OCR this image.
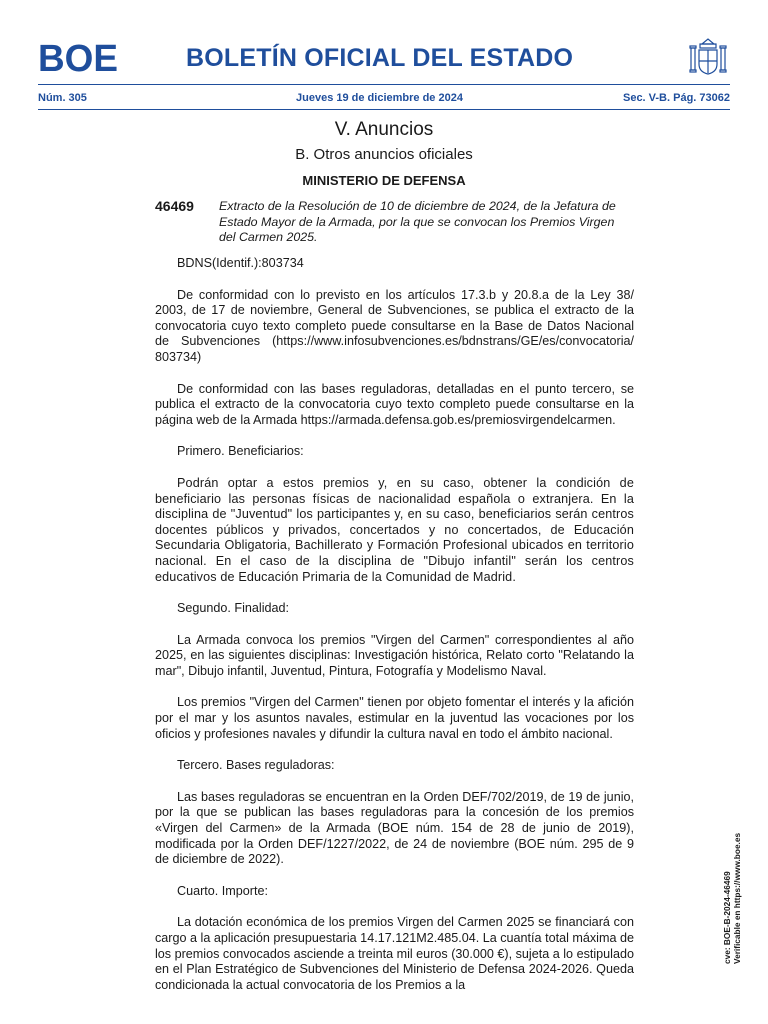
BOE	BOLETÍN OFICIAL DEL ESTADO
Núm. 305	Jueves 19 de diciembre de 2024	Sec. V-B. Pág. 73062
V. Anuncios
B. Otros anuncios oficiales
MINISTERIO DE DEFENSA
46469 Extracto de la Resolución de 10 de diciembre de 2024, de la Jefatura de Estado Mayor de la Armada, por la que se convocan los Premios Virgen del Carmen 2025.

BDNS(Identif.):803734

De conformidad con lo previsto en los artículos 17.3.b y 20.8.a de la Ley 38/ 2003, de 17 de noviembre, General de Subvenciones, se publica el extracto de la convocatoria cuyo texto completo puede consultarse en la Base de Datos Nacional de Subvenciones (https://www.infosubvenciones.es/bdnstrans/GE/es/convocatoria/ 803734)

De conformidad con las bases reguladoras, detalladas en el punto tercero, se publica el extracto de la convocatoria cuyo texto completo puede consultarse en la página web de la Armada https://armada.defensa.gob.es/premiosvirgendelcarmen.

Primero. Beneficiarios:

Podrán optar a estos premios y, en su caso, obtener la condición de beneficiario las personas físicas de nacionalidad española o extranjera. En la disciplina de "Juventud" los participantes y, en su caso, beneficiarios serán centros docentes públicos y privados, concertados y no concertados, de Educación Secundaria Obligatoria, Bachillerato y Formación Profesional ubicados en territorio nacional. En el caso de la disciplina de "Dibujo infantil" serán los centros educativos de Educación Primaria de la Comunidad de Madrid.

Segundo. Finalidad:

La Armada convoca los premios "Virgen del Carmen" correspondientes al año 2025, en las siguientes disciplinas: Investigación histórica, Relato corto "Relatando la mar", Dibujo infantil, Juventud, Pintura, Fotografía y Modelismo Naval.

Los premios "Virgen del Carmen" tienen por objeto fomentar el interés y la afición por el mar y los asuntos navales, estimular en la juventud las vocaciones por los oficios y profesiones navales y difundir la cultura naval en todo el ámbito nacional.

Tercero. Bases reguladoras:

Las bases reguladoras se encuentran en la Orden DEF/702/2019, de 19 de junio, por la que se publican las bases reguladoras para la concesión de los premios «Virgen del Carmen» de la Armada (BOE núm. 154 de 28 de junio de 2019), modificada por la Orden DEF/1227/2022, de 24 de noviembre (BOE núm. 295 de 9 de diciembre de 2022).

Cuarto. Importe:

La dotación económica de los premios Virgen del Carmen 2025 se financiará con cargo a la aplicación presupuestaria 14.17.121M2.485.04. La cuantía total máxima de los premios convocados asciende a treinta mil euros (30.000 €), sujeta a lo estipulado en el Plan Estratégico de Subvenciones del Ministerio de Defensa 2024-2026. Queda condicionada la actual convocatoria de los Premios a la

cve: BOE-B-2024-46469 Verificable en https://www.boe.es
